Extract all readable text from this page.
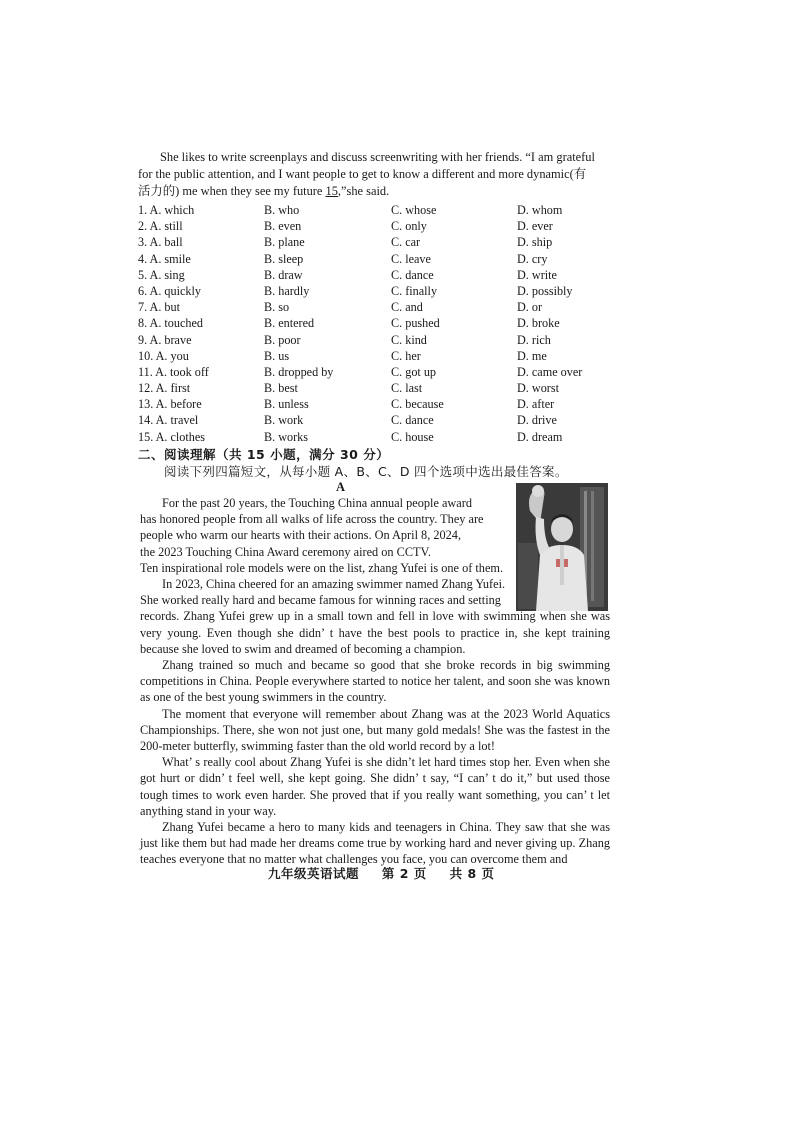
She likes to write screenplays and discuss screenwriting with her friends. “I am grateful
for the public attention, and I want people to get to know a different and more dynamic(有
活力的) me when they see my future 15,”she said.
1. A. which	B. who	C. whose	D. whom
2. A. still	B. even	C. only	D. ever
3. A. ball	B. plane	C. car	D. ship
4. A. smile	B. sleep	C. leave	D. cry
5. A. sing	B. draw	C. dance	D. write
6. A. quickly	B. hardly	C. finally	D. possibly
7. A. but	B. so	C. and	D. or
8. A. touched	B. entered	C. pushed	D. broke
9. A. brave	B. poor	C. kind	D. rich
10. A. you	B. us	C. her	D. me
11. A. took off	B. dropped by	C. got up	D. came over
12. A. first	B. best	C. last	D. worst
13. A. before	B. unless	C. because	D. after
14. A. travel	B. work	C. dance	D. drive
15. A. clothes	B. works	C. house	D. dream
二、阅读理解（共 15 小题，满分 30 分）
阅读下列四篇短文，从每小题 A、B、C、D 四个选项中选出最佳答案。
A

For the past 20 years, the Touching China annual people award

has honored people from all walks of life across the country. They are

people who warm our hearts with their actions. On April 8, 2024,

the 2023 Touching China Award ceremony aired on CCTV.

Ten inspirational role models were on the list, zhang Yufei is one of them.

In 2023, China cheered for an amazing swimmer named Zhang Yufei.

She worked really hard and became famous for winning races and setting

records. Zhang Yufei grew up in a small town and fell in love with swimming when she was very young. Even though she didn’ t have the best pools to practice in, she kept training because she loved to swim and dreamed of becoming a champion.

Zhang trained so much and became so good that she broke records in big swimming competitions in China. People everywhere started to notice her talent, and soon she was known as one of the best young swimmers in the country.

The moment that everyone will remember about Zhang was at the 2023 World Aquatics Championships. There, she won not just one, but many gold medals! She was the fastest in the 200-meter butterfly, swimming faster than the old world record by a lot!

What’ s really cool about Zhang Yufei is she didn’t let hard times stop her. Even when she got hurt or didn’ t feel well, she kept going. She didn’ t say, “I can’ t do it,” but used those tough times to work even harder. She proved that if you really want something, you can’ t let anything stand in your way.

Zhang Yufei became a hero to many kids and teenagers in China. They saw that she was just like them but had made her dreams come true by working hard and never giving up. Zhang teaches everyone that no matter what challenges you face, you can overcome them and

九年级英语试题 第 2 页 共 8 页
